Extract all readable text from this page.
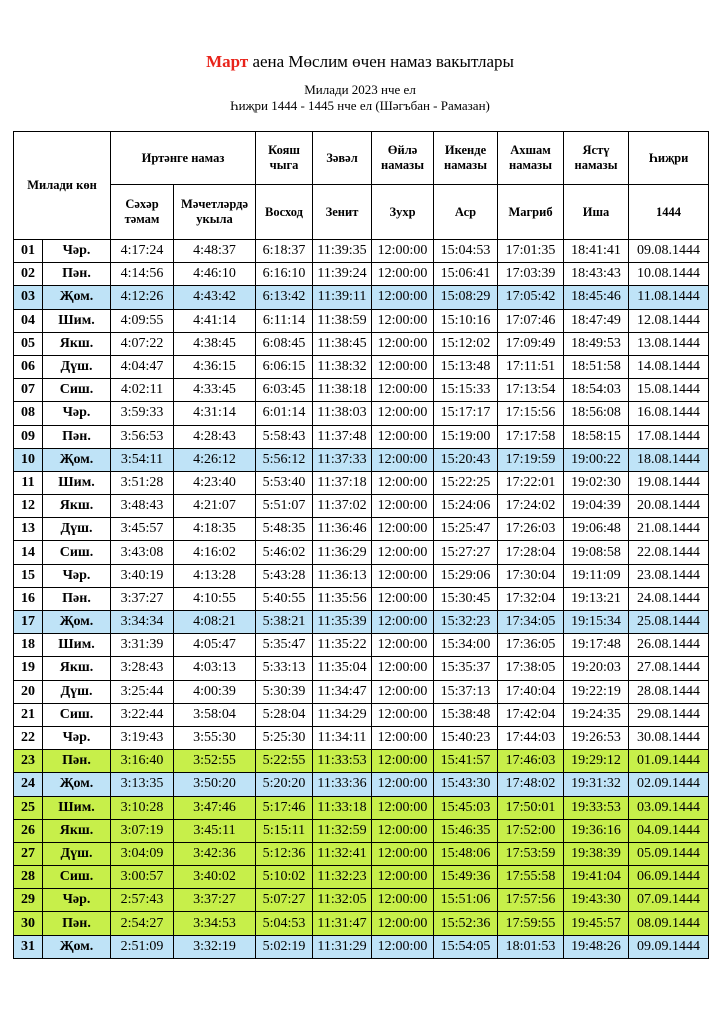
Март аена Мөслим өчен намаз вакытлары
Милади 2023 нче ел
Һиҗри 1444 - 1445 нче ел (Шәгъбан - Рамазан)
Милади көн		Иртәнге намаз		Кояш чыга	Зәвәл	Өйлә намазы	Икенде намазы	Ахшам намазы	Ястү намазы	Һиҗри
		Сәхәр тәмам	Мәчетләрдә укыла	Восход	Зенит	Зухр	Аср	Магриб	Иша	1444
01	Чәр.	4:17:24	4:48:37	6:18:37	11:39:35	12:00:00	15:04:53	17:01:35	18:41:41	09.08.1444
02	Пән.	4:14:56	4:46:10	6:16:10	11:39:24	12:00:00	15:06:41	17:03:39	18:43:43	10.08.1444
03	Җом.	4:12:26	4:43:42	6:13:42	11:39:11	12:00:00	15:08:29	17:05:42	18:45:46	11.08.1444
04	Шим.	4:09:55	4:41:14	6:11:14	11:38:59	12:00:00	15:10:16	17:07:46	18:47:49	12.08.1444
05	Якш.	4:07:22	4:38:45	6:08:45	11:38:45	12:00:00	15:12:02	17:09:49	18:49:53	13.08.1444
06	Дүш.	4:04:47	4:36:15	6:06:15	11:38:32	12:00:00	15:13:48	17:11:51	18:51:58	14.08.1444
07	Сиш.	4:02:11	4:33:45	6:03:45	11:38:18	12:00:00	15:15:33	17:13:54	18:54:03	15.08.1444
08	Чәр.	3:59:33	4:31:14	6:01:14	11:38:03	12:00:00	15:17:17	17:15:56	18:56:08	16.08.1444
09	Пән.	3:56:53	4:28:43	5:58:43	11:37:48	12:00:00	15:19:00	17:17:58	18:58:15	17.08.1444
10	Җом.	3:54:11	4:26:12	5:56:12	11:37:33	12:00:00	15:20:43	17:19:59	19:00:22	18.08.1444
11	Шим.	3:51:28	4:23:40	5:53:40	11:37:18	12:00:00	15:22:25	17:22:01	19:02:30	19.08.1444
12	Якш.	3:48:43	4:21:07	5:51:07	11:37:02	12:00:00	15:24:06	17:24:02	19:04:39	20.08.1444
13	Дүш.	3:45:57	4:18:35	5:48:35	11:36:46	12:00:00	15:25:47	17:26:03	19:06:48	21.08.1444
14	Сиш.	3:43:08	4:16:02	5:46:02	11:36:29	12:00:00	15:27:27	17:28:04	19:08:58	22.08.1444
15	Чәр.	3:40:19	4:13:28	5:43:28	11:36:13	12:00:00	15:29:06	17:30:04	19:11:09	23.08.1444
16	Пән.	3:37:27	4:10:55	5:40:55	11:35:56	12:00:00	15:30:45	17:32:04	19:13:21	24.08.1444
17	Җом.	3:34:34	4:08:21	5:38:21	11:35:39	12:00:00	15:32:23	17:34:05	19:15:34	25.08.1444
18	Шим.	3:31:39	4:05:47	5:35:47	11:35:22	12:00:00	15:34:00	17:36:05	19:17:48	26.08.1444
19	Якш.	3:28:43	4:03:13	5:33:13	11:35:04	12:00:00	15:35:37	17:38:05	19:20:03	27.08.1444
20	Дүш.	3:25:44	4:00:39	5:30:39	11:34:47	12:00:00	15:37:13	17:40:04	19:22:19	28.08.1444
21	Сиш.	3:22:44	3:58:04	5:28:04	11:34:29	12:00:00	15:38:48	17:42:04	19:24:35	29.08.1444
22	Чәр.	3:19:43	3:55:30	5:25:30	11:34:11	12:00:00	15:40:23	17:44:03	19:26:53	30.08.1444
23	Пән.	3:16:40	3:52:55	5:22:55	11:33:53	12:00:00	15:41:57	17:46:03	19:29:12	01.09.1444
24	Җом.	3:13:35	3:50:20	5:20:20	11:33:36	12:00:00	15:43:30	17:48:02	19:31:32	02.09.1444
25	Шим.	3:10:28	3:47:46	5:17:46	11:33:18	12:00:00	15:45:03	17:50:01	19:33:53	03.09.1444
26	Якш.	3:07:19	3:45:11	5:15:11	11:32:59	12:00:00	15:46:35	17:52:00	19:36:16	04.09.1444
27	Дүш.	3:04:09	3:42:36	5:12:36	11:32:41	12:00:00	15:48:06	17:53:59	19:38:39	05.09.1444
28	Сиш.	3:00:57	3:40:02	5:10:02	11:32:23	12:00:00	15:49:36	17:55:58	19:41:04	06.09.1444
29	Чәр.	2:57:43	3:37:27	5:07:27	11:32:05	12:00:00	15:51:06	17:57:56	19:43:30	07.09.1444
30	Пән.	2:54:27	3:34:53	5:04:53	11:31:47	12:00:00	15:52:36	17:59:55	19:45:57	08.09.1444
31	Җом.	2:51:09	3:32:19	5:02:19	11:31:29	12:00:00	15:54:05	18:01:53	19:48:26	09.09.1444
